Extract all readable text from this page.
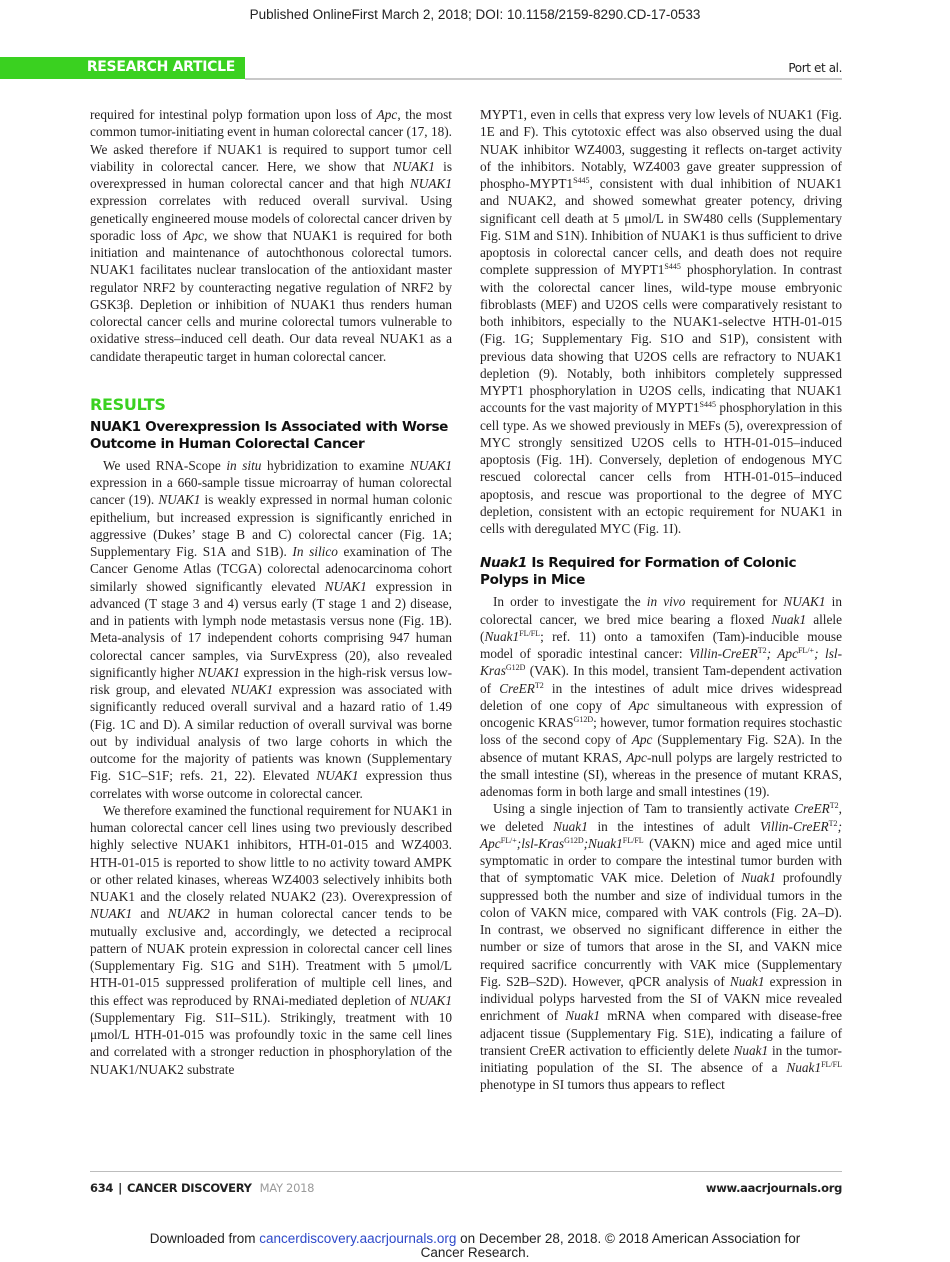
Published OnlineFirst March 2, 2018; DOI: 10.1158/2159-8290.CD-17-0533
RESEARCH ARTICLE	Port et al.

required for intestinal polyp formation upon loss of Apc, the most common tumor-initiating event in human colorectal cancer (17, 18). We asked therefore if NUAK1 is required to support tumor cell viability in colorectal cancer. Here, we show that NUAK1 is overexpressed in human colorectal cancer and that high NUAK1 expression correlates with reduced overall survival. Using genetically engineered mouse models of colorectal cancer driven by sporadic loss of Apc, we show that NUAK1 is required for both initiation and maintenance of autochthonous colorectal tumors. NUAK1 facilitates nuclear translocation of the antioxidant master regulator NRF2 by counteracting negative regulation of NRF2 by GSK3β. Depletion or inhibition of NUAK1 thus renders human colorectal cancer cells and murine colorectal tumors vulnerable to oxidative stress–induced cell death. Our data reveal NUAK1 as a candidate therapeutic target in human colorectal cancer.

RESULTS
NUAK1 Overexpression Is Associated with Worse Outcome in Human Colorectal Cancer

We used RNA-Scope in situ hybridization to examine NUAK1 expression in a 660-sample tissue microarray of human colorectal cancer (19). NUAK1 is weakly expressed in normal human colonic epithelium, but increased expression is significantly enriched in aggressive (Dukes’ stage B and C) colorectal cancer (Fig. 1A; Supplementary Fig. S1A and S1B). In silico examination of The Cancer Genome Atlas (TCGA) colorectal adenocarcinoma cohort similarly showed significantly elevated NUAK1 expression in advanced (T stage 3 and 4) versus early (T stage 1 and 2) disease, and in patients with lymph node metastasis versus none (Fig. 1B). Meta-analysis of 17 independent cohorts comprising 947 human colorectal cancer samples, via SurvExpress (20), also revealed significantly higher NUAK1 expression in the high-risk versus low-risk group, and elevated NUAK1 expression was associated with significantly reduced overall survival and a hazard ratio of 1.49 (Fig. 1C and D). A similar reduction of overall survival was borne out by individual analysis of two large cohorts in which the outcome for the majority of patients was known (Supplementary Fig. S1C–S1F; refs. 21, 22). Elevated NUAK1 expression thus correlates with worse outcome in colorectal cancer.

We therefore examined the functional requirement for NUAK1 in human colorectal cancer cell lines using two previously described highly selective NUAK1 inhibitors, HTH-01-015 and WZ4003. HTH-01-015 is reported to show little to no activity toward AMPK or other related kinases, whereas WZ4003 selectively inhibits both NUAK1 and the closely related NUAK2 (23). Overexpression of NUAK1 and NUAK2 in human colorectal cancer tends to be mutually exclusive and, accordingly, we detected a reciprocal pattern of NUAK protein expression in colorectal cancer cell lines (Supplementary Fig. S1G and S1H). Treatment with 5 μmol/L HTH-01-015 suppressed proliferation of multiple cell lines, and this effect was reproduced by RNAi-mediated depletion of NUAK1 (Supplementary Fig. S1I–S1L). Strikingly, treatment with 10 μmol/L HTH-01-015 was profoundly toxic in the same cell lines and correlated with a stronger reduction in phosphorylation of the NUAK1/NUAK2 substrate

MYPT1, even in cells that express very low levels of NUAK1 (Fig. 1E and F). This cytotoxic effect was also observed using the dual NUAK inhibitor WZ4003, suggesting it reflects on-target activity of the inhibitors. Notably, WZ4003 gave greater suppression of phospho-$MYPT1^{S445}$, consistent with dual inhibition of NUAK1 and NUAK2, and showed somewhat greater potency, driving significant cell death at 5 μmol/L in SW480 cells (Supplementary Fig. S1M and S1N). Inhibition of NUAK1 is thus sufficient to drive apoptosis in colorectal cancer cells, and death does not require complete suppression of $MYPT1^{S445}$ phosphorylation. In contrast with the colorectal cancer lines, wild-type mouse embryonic fibroblasts (MEF) and U2OS cells were comparatively resistant to both inhibitors, especially to the NUAK1-selectve HTH-01-015 (Fig. 1G; Supplementary Fig. S1O and S1P), consistent with previous data showing that U2OS cells are refractory to NUAK1 depletion (9). Notably, both inhibitors completely suppressed MYPT1 phosphorylation in U2OS cells, indicating that NUAK1 accounts for the vast majority of $MYPT1^{S445}$ phosphorylation in this cell type. As we showed previously in MEFs (5), overexpression of MYC strongly sensitized U2OS cells to HTH-01-015–induced apoptosis (Fig. 1H). Conversely, depletion of endogenous MYC rescued colorectal cancer cells from HTH-01-015–induced apoptosis, and rescue was proportional to the degree of MYC depletion, consistent with an ectopic requirement for NUAK1 in cells with deregulated MYC (Fig. 1I).

Nuak1 Is Required for Formation of Colonic Polyps in Mice

In order to investigate the in vivo requirement for NUAK1 in colorectal cancer, we bred mice bearing a floxed Nuak1 allele ($Nuak1^{FL/FL}$; ref. 11) onto a tamoxifen (Tam)-inducible mouse model of sporadic intestinal cancer: Villin-CreER$^{T2}$; Apc$^{FL/+}$; lsl-Kras$^{G12D}$ (VAK). In this model, transient Tam-dependent activation of CreER$^{T2}$ in the intestines of adult mice drives widespread deletion of one copy of Apc simultaneous with expression of oncogenic $KRAS^{G12D}$; however, tumor formation requires stochastic loss of the second copy of Apc (Supplementary Fig. S2A). In the absence of mutant KRAS, Apc-null polyps are largely restricted to the small intestine (SI), whereas in the presence of mutant KRAS, adenomas form in both large and small intestines (19).

Using a single injection of Tam to transiently activate CreER$^{T2}$, we deleted Nuak1 in the intestines of adult Villin-CreER$^{T2}$; $Apc^{FL/+};lsl-Kras^{G12D};Nuak1^{FL/FL}$ (VAKN) mice and aged mice until symptomatic in order to compare the intestinal tumor burden with that of symptomatic VAK mice. Deletion of Nuak1 profoundly suppressed both the number and size of individual tumors in the colon of VAKN mice, compared with VAK controls (Fig. 2A–D). In contrast, we observed no significant difference in either the number or size of tumors that arose in the SI, and VAKN mice required sacrifice concurrently with VAK mice (Supplementary Fig. S2B–S2D). However, qPCR analysis of Nuak1 expression in individual polyps harvested from the SI of VAKN mice revealed enrichment of Nuak1 mRNA when compared with disease-free adjacent tissue (Supplementary Fig. S1E), indicating a failure of transient CreER activation to efficiently delete Nuak1 in the tumor-initiating population of the SI. The absence of a $Nuak1^{FL/FL}$ phenotype in SI tumors thus appears to reflect

634 | CANCER DISCOVERY MAY 2018	www.aacrjournals.org
Downloaded from cancerdiscovery.aacrjournals.org on December 28, 2018. © 2018 American Association for
Cancer Research.
